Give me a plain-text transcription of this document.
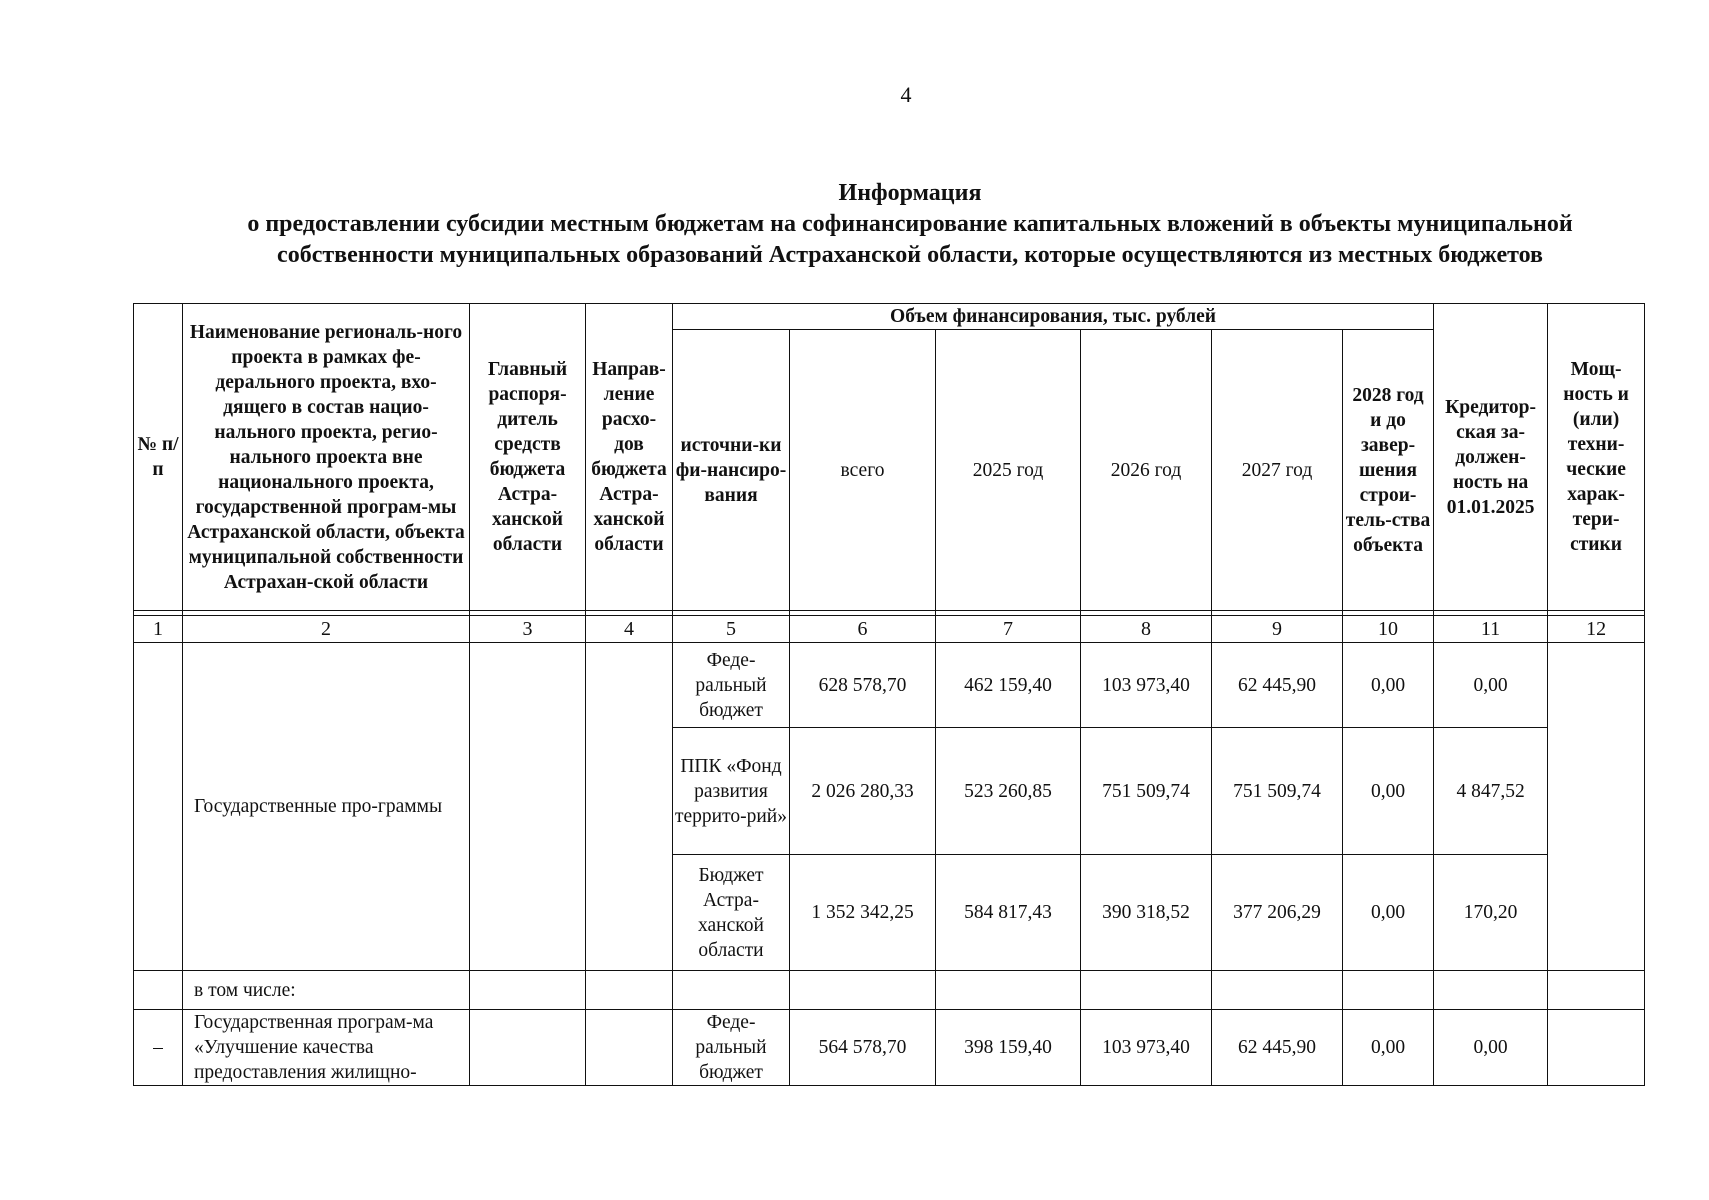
4
Информация
о предоставлении субсидии местным бюджетам на софинансирование капитальных вложений в объекты муниципальной
собственности муниципальных образований Астраханской области, которые осуществляются из местных бюджетов
№ п/п	Наименование региональ-ного проекта в рамках фе-дерального проекта, вхо-дящего в состав нацио-нального проекта, регио-нального проекта вне национального проекта, государственной програм-мы Астраханской области, объекта муниципальной собственности Астрахан-ской области	Главный распоря-дитель средств бюджета Астра-ханской области	Направ-ление расхо-дов бюджета Астра-ханской области	Объем финансирования, тыс. рублей						Кредитор-ская за-должен-ность на 01.01.2025	Мощ-ность и (или) техни-ческие харак-тери-стики
				источни-ки фи-нансиро-вания	всего	2025 год	2026 год	2027 год	2028 год и до завер-шения строи-тель-ства объекта		

1	2	3	4	5	6	7	8	9	10	11	12
	Государственные про-граммы			Феде-ральный бюджет	628 578,70	462 159,40	103 973,40	62 445,90	0,00	0,00	
				ППК «Фонд развития террито-рий»	2 026 280,33	523 260,85	751 509,74	751 509,74	0,00	4 847,52	
				Бюджет Астра-ханской области	1 352 342,25	584 817,43	390 318,52	377 206,29	0,00	170,20	
	в том числе:										
–	Государственная програм-ма «Улучшение качества предоставления жилищно-			Феде-ральный бюджет	564 578,70	398 159,40	103 973,40	62 445,90	0,00	0,00	
